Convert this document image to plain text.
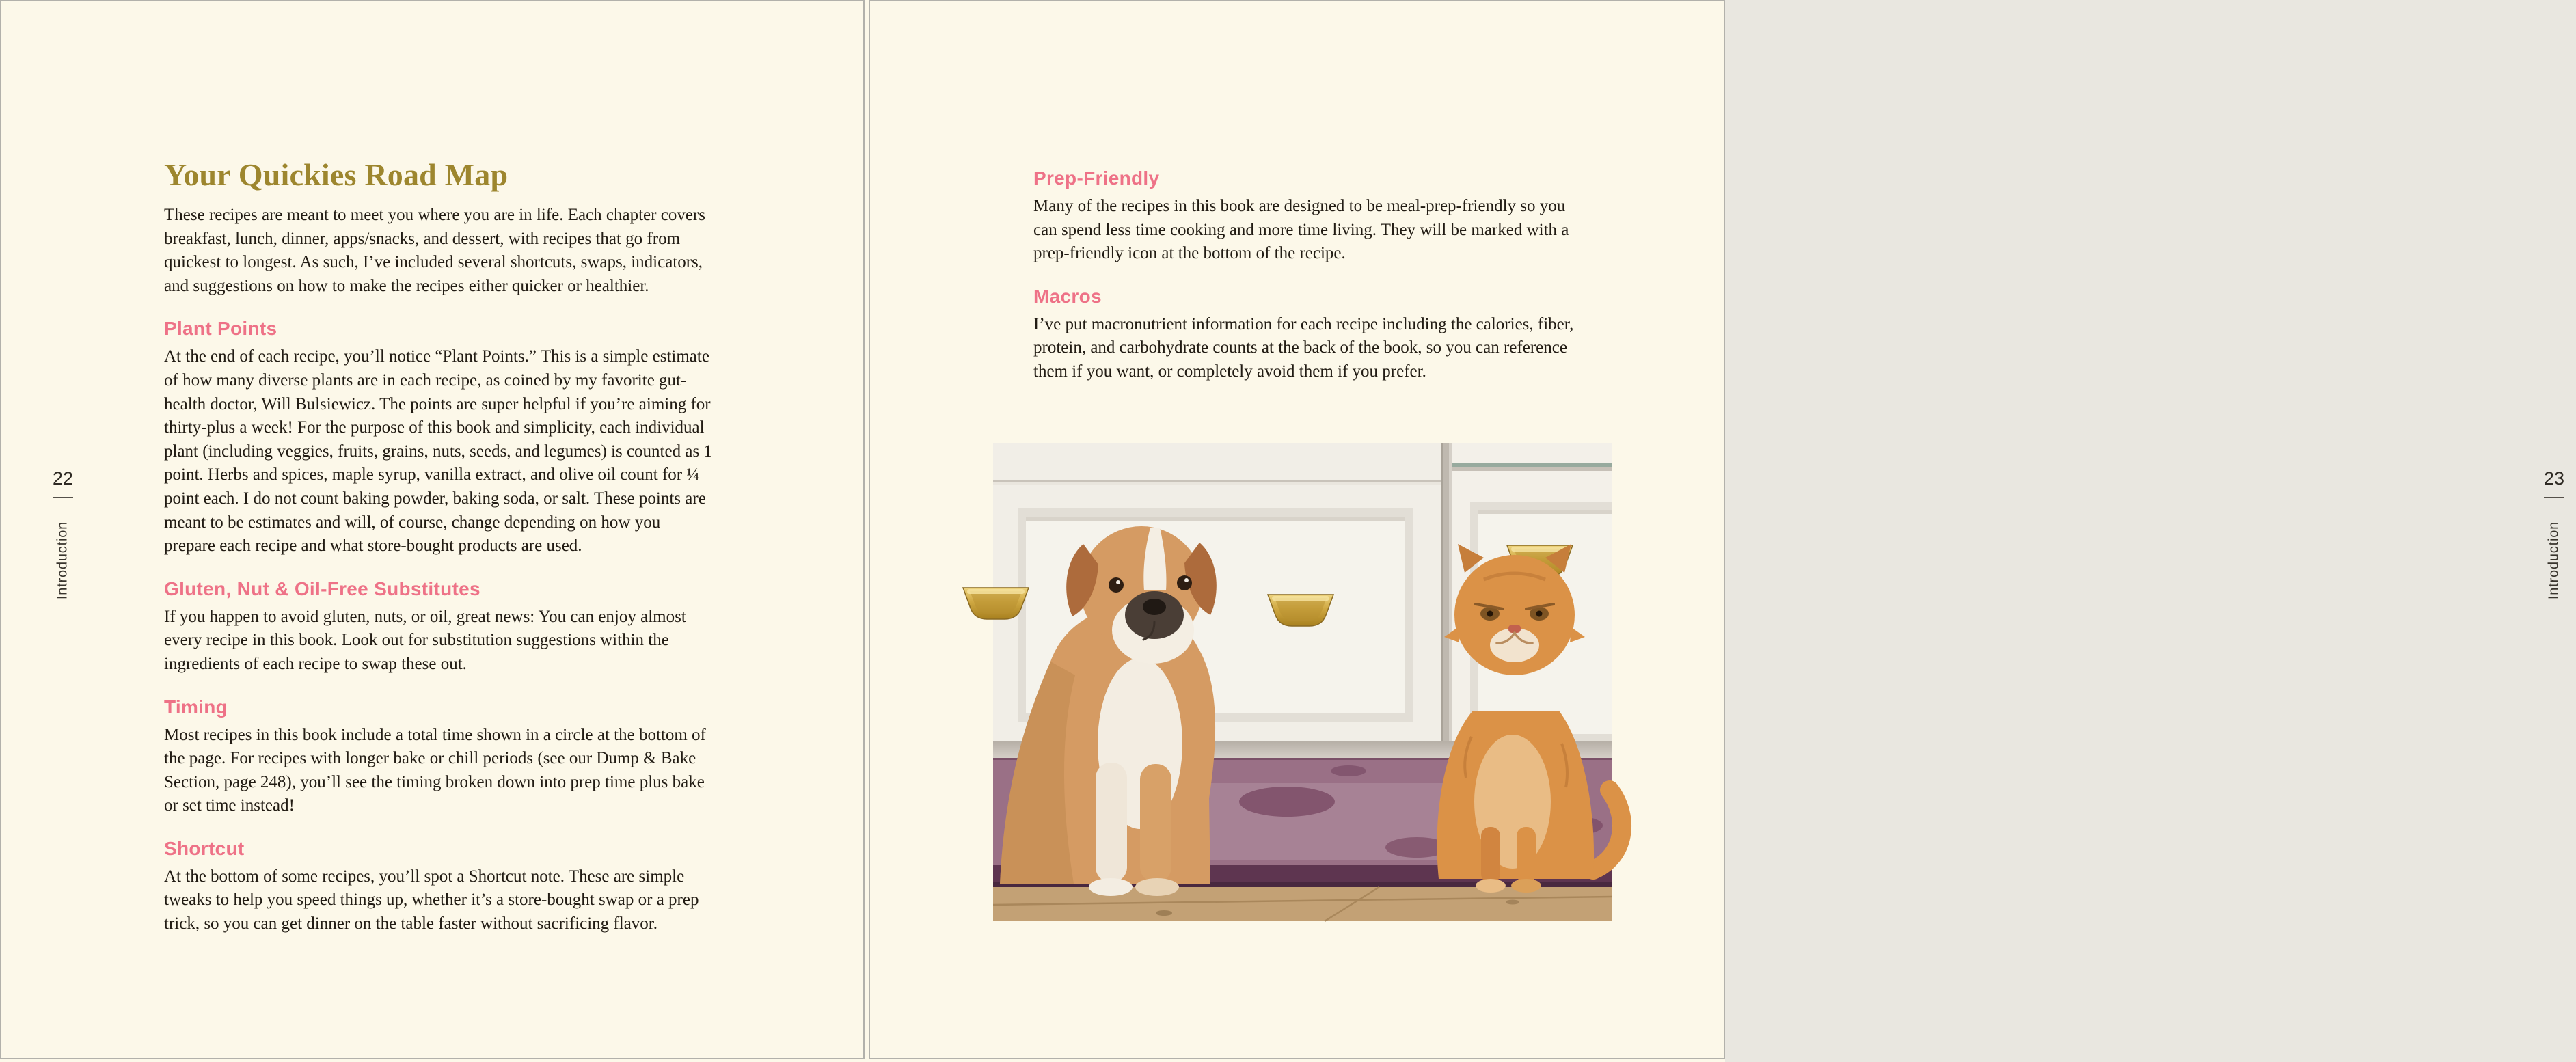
22
Introduction
Your Quickies Road Map

These recipes are meant to meet you where you are in life. Each chapter covers breakfast, lunch, dinner, apps/snacks, and dessert, with recipes that go from quickest to longest. As such, I’ve included several shortcuts, swaps, indicators, and suggestions on how to make the recipes either quicker or healthier.

Plant Points

At the end of each recipe, you’ll notice “Plant Points.” This is a simple estimate of how many diverse plants are in each recipe, as coined by my favorite gut-health doctor, Will Bulsiewicz. The points are super helpful if you’re aiming for thirty-plus a week! For the purpose of this book and simplicity, each individual plant (including veggies, fruits, grains, nuts, seeds, and legumes) is counted as 1 point. Herbs and spices, maple syrup, vanilla extract, and olive oil count for ¼ point each. I do not count baking powder, baking soda, or salt. These points are meant to be estimates and will, of course, change depending on how you prepare each recipe and what store-bought products are used.

Gluten, Nut & Oil-Free Substitutes

If you happen to avoid gluten, nuts, or oil, great news: You can enjoy almost every recipe in this book. Look out for substitution suggestions within the ingredients of each recipe to swap these out.

Timing

Most recipes in this book include a total time shown in a circle at the bottom of the page. For recipes with longer bake or chill periods (see our Dump & Bake Section, page 248), you’ll see the timing broken down into prep time plus bake or set time instead!

Shortcut

At the bottom of some recipes, you’ll spot a Shortcut note. These are simple tweaks to help you speed things up, whether it’s a store-bought swap or a prep trick, so you can get dinner on the table faster without sacrificing flavor.

23
Introduction
Prep-Friendly

Many of the recipes in this book are designed to be meal-prep-friendly so you can spend less time cooking and more time living. They will be marked with a prep-friendly icon at the bottom of the recipe.

Macros

I’ve put macronutrient information for each recipe including the calories, fiber, protein, and carbohydrate counts at the back of the book, so you can reference them if you want, or completely avoid them if you prefer.
